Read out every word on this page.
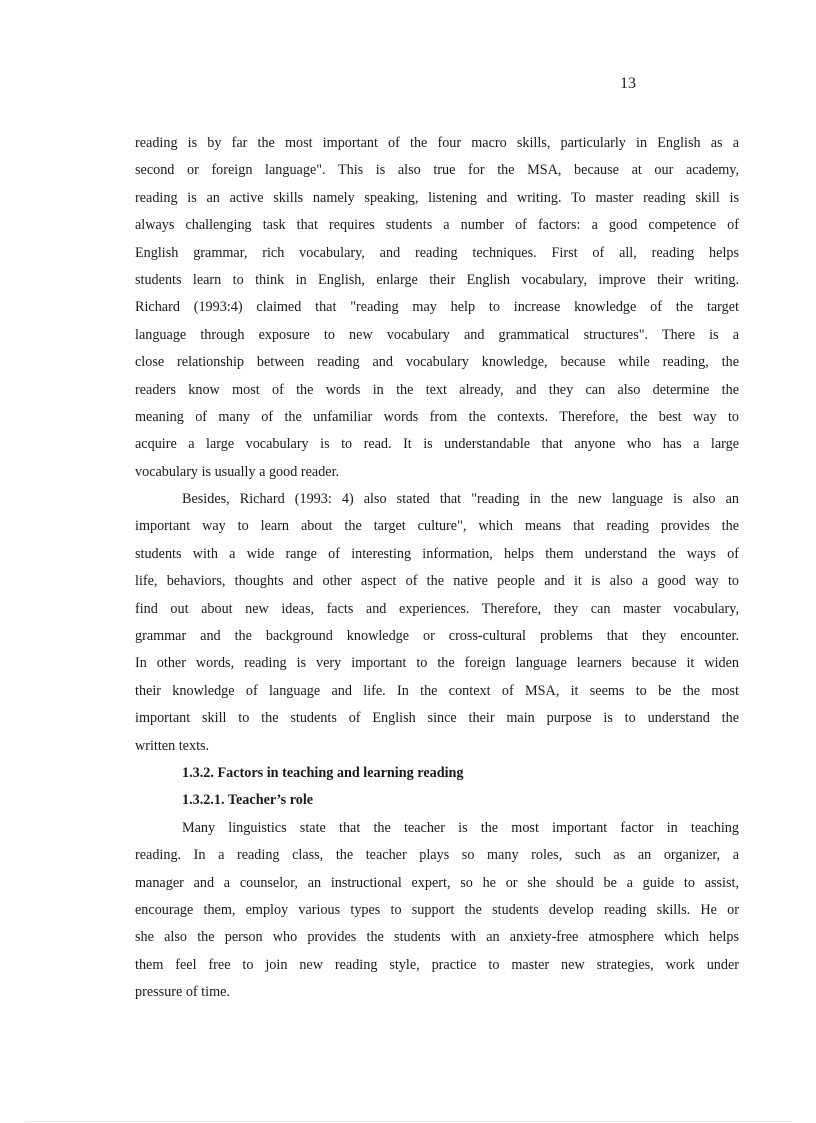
13
reading is by far the most important of the four macro skills, particularly in English as a
second or foreign language". This is also true for the MSA, because at our academy,
reading is an active skills namely speaking, listening and writing. To master reading skill is
always challenging task that requires students a number of factors: a good competence of
English grammar, rich vocabulary, and reading techniques. First of all, reading helps
students learn to think in English, enlarge their English vocabulary, improve their writing.
Richard (1993:4) claimed that "reading may help to increase knowledge of the target
language through exposure to new vocabulary and grammatical structures". There is a
close relationship between reading and vocabulary knowledge, because while reading, the
readers know most of the words in the text already, and they can also determine the
meaning of many of the unfamiliar words from the contexts. Therefore, the best way to
acquire a large vocabulary is to read. It is understandable that anyone who has a large
vocabulary is usually a good reader.
Besides, Richard (1993: 4) also stated that "reading in the new language is also an
important way to learn about the target culture", which means that reading provides the
students with a wide range of interesting information, helps them understand the ways of
life, behaviors, thoughts and other aspect of the native people and it is also a good way to
find out about new ideas, facts and experiences. Therefore, they can master vocabulary,
grammar and the background knowledge or cross-cultural problems that they encounter.
In other words, reading is very important to the foreign language learners because it widen
their knowledge of language and life. In the context of MSA, it seems to be the most
important skill to the students of English since their main purpose is to understand the
written texts.
1.3.2. Factors in teaching and learning reading
1.3.2.1. Teacher’s role
Many linguistics state that the teacher is the most important factor in teaching
reading. In a reading class, the teacher plays so many roles, such as an organizer, a
manager and a counselor, an instructional expert, so he or she should be a guide to assist,
encourage them, employ various types to support the students develop reading skills. He or
she also the person who provides the students with an anxiety-free atmosphere which helps
them feel free to join new reading style, practice to master new strategies, work under
pressure of time.
